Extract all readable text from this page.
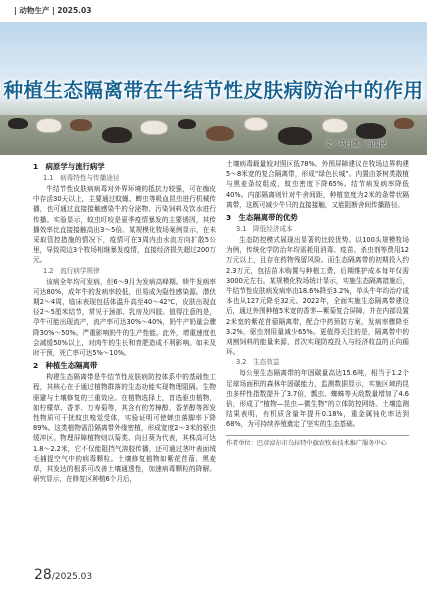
| 动物生产 | 2025.03
种植生态隔离带在牛结节性皮肤病防治中的作用
文／马日娜，尚瑞民
1　病原学与流行病学
1.1　病毒特性与传播途径

牛结节性皮肤病病毒对外界环境的抵抗力较强，可在痂皮中存活30天以上，主要通过蚊蝇、蜱虫等吸血昆虫进行机械传播，也可通过直接接触感染牛的分泌物、污染饲料及饮水进行传播。实验显示，蚊虫叮咬是夏季疫情暴发的主要诱因，其传播效率比直接接触高出3～5倍。某规模化牧场案例显示，在未采取管控措施的情况下，疫情可在3周内由水流方向扩散5公里，导致周边3个牧场相继暴发疫情，直接经济损失超过200万元。

1.2　流行病学规律

该病全年均可发病，但6～9月为发病高峰期。犊牛发病率可达80%，成年牛的发病率较低，但易成为隐性感染源。潜伏期2～4周，临床表现包括体温升高至40～42℃，皮肤出现直径2～5厘米结节，常见于颈部、乳房及四肢。值得注意的是，孕牛可能出现流产，流产率可达30%～40%，奶牛产奶量会骤降30%～50%。严重影响奶牛的生产性能。此外，增重速度也会减缓50%以上，对肉牛的生长和育肥造成不利影响。如未及时干预，死亡率可达5%～10%。

2　种植生态隔离带

构建生态隔离带是牛结节性皮肤病防控体系中的基础性工程，其核心在于通过植物群落的生态功能实现物理阻隔。生物驱避与土壤修复的三重效应。在植物选择上，首选驱虫植物，如柠檬草、香茅、万寿菊等，其含有的芳樟醇、香茅醇等挥发性物质可干扰蚊虫嗅觉受体，实验证明可使蝉虫落脚率下降89%。这类植物需沿隔离带外缘密植，形成宽度2～3米的驱虫缓冲区。物理屏障植物则以菊类、向日葵为代表，其株高可达1.8～2.2米，它不仅能阻挡气溶胶传播，还可通过茎叶表面绒毛捕捉空气中的病毒颗粒。土壤修复植物如紫花苜蓿、黑麦草，其发达的根系可改善土壤通透性，加速病毒颗粒的降解。研究显示，在修复区种植6个月后，

土壤病毒载量较对照区低78%。外围屏障建议在牧场边界构建5～8米宽的复合隔离带，形成“绿色长城”。内置由茶树类散植与黑麦条纹组成，蚊虫密度下降65%。结节病发病率降低40%。内部隔离则针对牛舍间距，种植宽度为2米的条带状隔离带，这既可减少牛只的直接接触，又能阻断舍间传播路径。

3　生态隔离带的优势
3.1　降低经济成本

生态防控模式展现出显著的比较优势。以100头规模牧场为例，传统化学防治年均需耗用消毒、疫苗、杀虫剂等费用12万元以上，且存在药物残留风险。而生态隔离带的初期投入约2.3万元，包括苗木购置与种植工费，后期维护成本每年仅需3000元左右。某规模化牧场统计显示，实施生态隔离措施后，牛结节性皮肤病发病率由18.6%降至3.2%，单头牛年均治疗成本也从127元降至32元。2022年，全面实施生态隔离带建设后，通过外围种植5米宽的香茅—紫菊复合屏障，并在内部设置2米宽的紫花苜蓿隔离带，配合中药预防方案，发病率骤降至3.2%，驱虫剂用量减少65%。更值得关注的是，隔离带中的刈割饲料的能量来源，首次实现防疫投入与经济收益的正向循环。

3.2　生态效益

每公里生态隔离带的年固碳量高达15.6吨，相当于1.2个足球场面积的森林年固碳能力，监测数据显示，实施区域的昆虫多样性指数提升了3.7倍，瓢虫、蜘蛛等天敌数量增加了4.6倍，形成了“植物—昆虫—微生物”的立体防控网络。土壤监测结果表明，有机质含量年提升0.18%，重金属钝化率达到68%，为可持续养殖奠定了坚实的生态基础。

作者单位：巴彦淖尔市乌拉特中旗农牧业技术推广服务中心
28/2025.03
